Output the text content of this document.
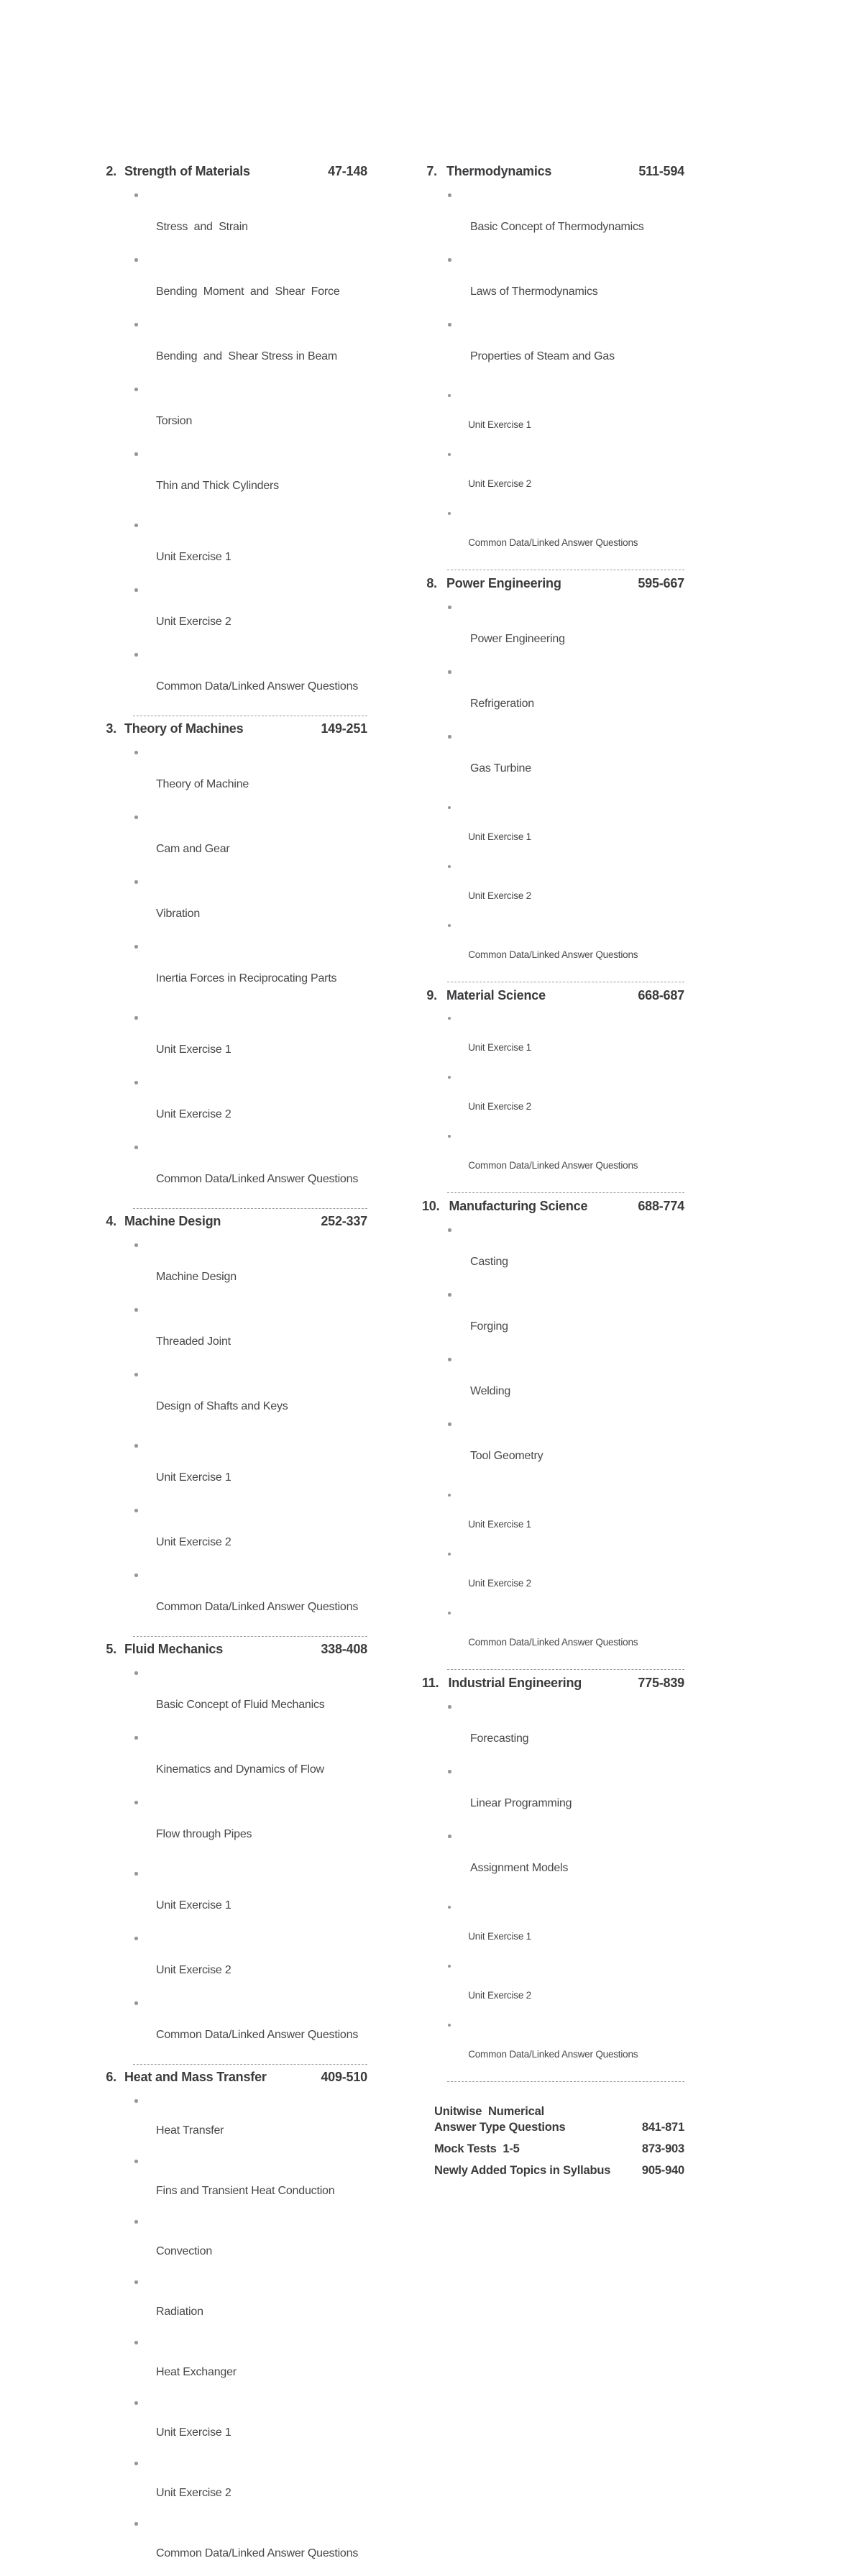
2. Strength of Materials	47-148

Stress  and  Strain

Bending  Moment  and  Shear  Force

Bending  and  Shear Stress in Beam

Torsion

Thin and Thick Cylinders

Unit Exercise 1

Unit Exercise 2

Common Data/Linked Answer Questions

3. Theory of Machines	149-251

Theory of Machine

Cam and Gear

Vibration

Inertia Forces in Reciprocating Parts

Unit Exercise 1

Unit Exercise 2

Common Data/Linked Answer Questions

4. Machine Design	252-337

Machine Design

Threaded Joint

Design of Shafts and Keys

Unit Exercise 1

Unit Exercise 2

Common Data/Linked Answer Questions

5. Fluid Mechanics	338-408

Basic Concept of Fluid Mechanics

Kinematics and Dynamics of Flow

Flow through Pipes

Unit Exercise 1

Unit Exercise 2

Common Data/Linked Answer Questions

6. Heat and Mass Transfer	409-510

Heat Transfer

Fins and Transient Heat Conduction

Convection

Radiation

Heat Exchanger

Unit Exercise 1

Unit Exercise 2

Common Data/Linked Answer Questions

7. Thermodynamics	511-594

Basic Concept of Thermodynamics

Laws of Thermodynamics

Properties of Steam and Gas

Unit Exercise 1

Unit Exercise 2

Common Data/Linked Answer Questions

8. Power Engineering	595-667

Power Engineering

Refrigeration

Gas Turbine

Unit Exercise 1

Unit Exercise 2

Common Data/Linked Answer Questions

9. Material Science	668-687

Unit Exercise 1

Unit Exercise 2

Common Data/Linked Answer Questions

10. Manufacturing Science	688-774

Casting

Forging

Welding

Tool Geometry

Unit Exercise 1

Unit Exercise 2

Common Data/Linked Answer Questions

11. Industrial Engineering	775-839

Forecasting

Linear Programming

Assignment Models

Unit Exercise 1

Unit Exercise 2

Common Data/Linked Answer Questions

Unitwise  Numerical
Answer Type Questions	841-871
Mock Tests  1-5	873-903
Newly Added Topics in Syllabus	905-940
